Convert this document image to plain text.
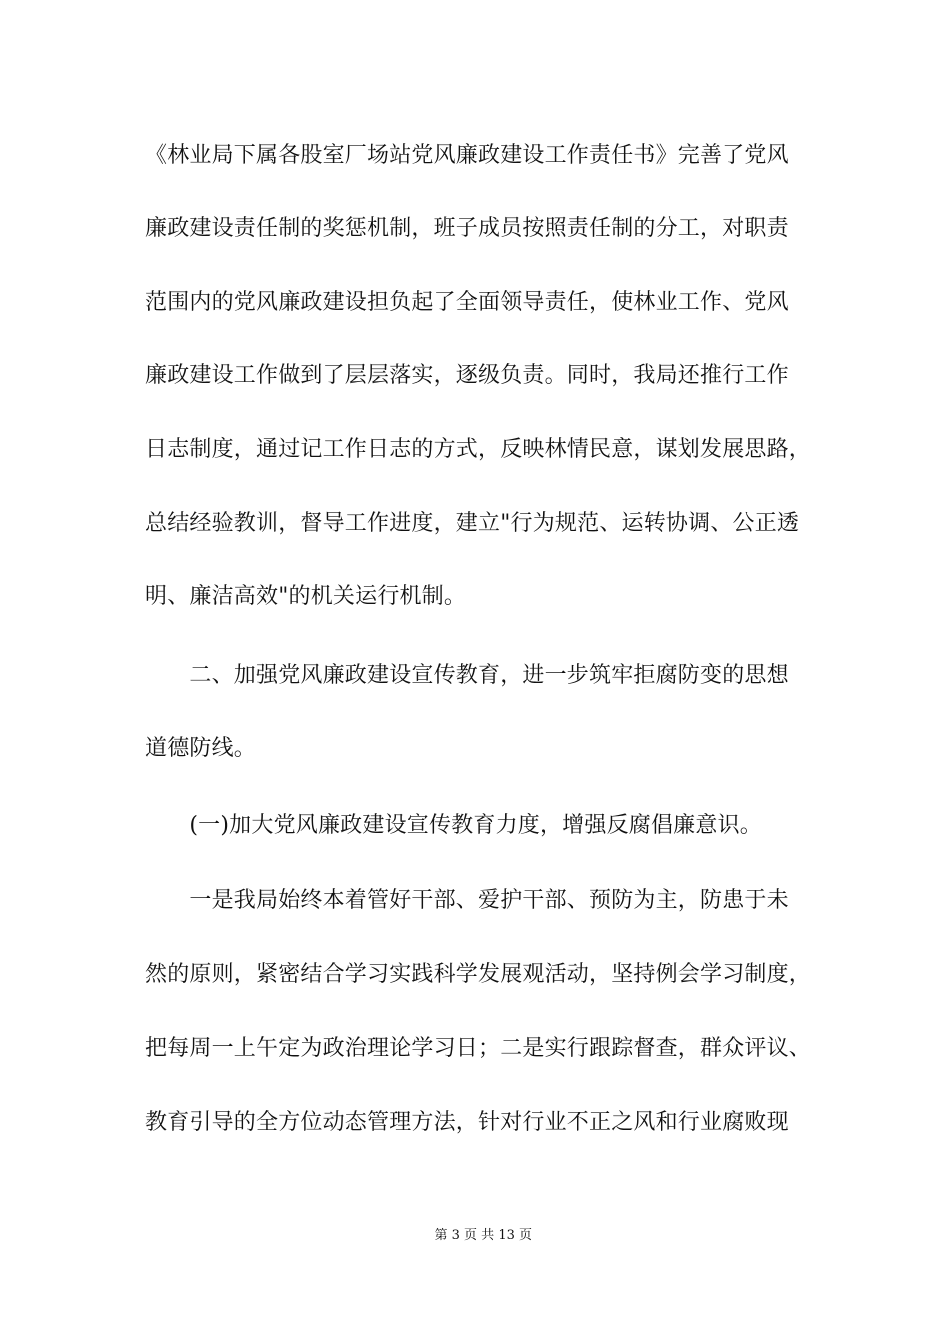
《林业局下属各股室厂场站党风廉政建设工作责任书》完善了党风
廉政建设责任制的奖惩机制，班子成员按照责任制的分工，对职责
范围内的党风廉政建设担负起了全面领导责任，使林业工作、党风
廉政建设工作做到了层层落实，逐级负责。同时，我局还推行工作
日志制度，通过记工作日志的方式，反映林情民意，谋划发展思路，
总结经验教训，督导工作进度，建立"行为规范、运转协调、公正透
明、廉洁高效"的机关运行机制。
　　二、加强党风廉政建设宣传教育，进一步筑牢拒腐防变的思想
道德防线。
　　(一)加大党风廉政建设宣传教育力度，增强反腐倡廉意识。
　　一是我局始终本着管好干部、爱护干部、预防为主，防患于未
然的原则，紧密结合学习实践科学发展观活动，坚持例会学习制度，
把每周一上午定为政治理论学习日；二是实行跟踪督查，群众评议、
教育引导的全方位动态管理方法，针对行业不正之风和行业腐败现

第 3 页 共 13 页
